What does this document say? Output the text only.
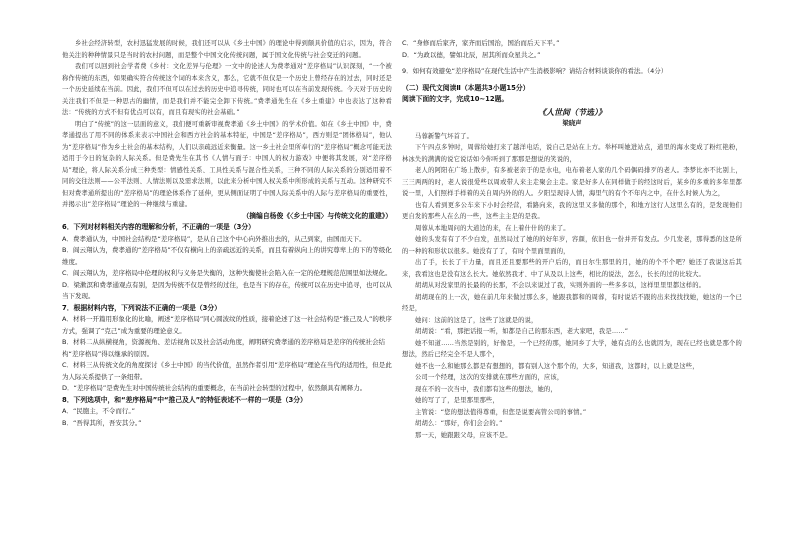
乡社会经济转型，农村迅猛发展的时候，我们还可以从《乡土中国》的理论中得到颇具价值的启示，因为，符合他关注的种种情景只是当时的农村问题，而是整个中国文化传统问题，属于国文化传统与社会变迁的问题。

我们可以回到社会学者费《乡村：文化差异与伦理》一文中的论述人为费孝通对“差序格局”认识深刻，“一个被称作传统的东西，如果确实符合传统这个词的本来含义，那么，它就不但仅是一个历史上曾经存在的过去，同时还是一个历史延续在当前。因此，我们不但可以在过去的历史中追寻传统，同时也可以在当前发现传统。今天对于历史的关注我们不但是一种思古的幽情，而是我们并不能完全卸下传统。”费孝通先生在《乡土重建》中也表达了这种看法：“传统的方式不但有优点可以有，而且有现实的社会基础。”

明白了“传统”的这一层面的意义，我们便可重新审视费孝通《乡土中国》的学术价值。如在《乡土中国》中，费孝通提出了用不同的体系来表示中国社会和西方社会的基本特征，中国是“差序格局”，西方则是“团体格局”，他认为“差序格局”作为乡土社会的基本结构，人们以亲疏远近来衡量。这一乡土社会里所奉行的“差序格局”概念可能无法适用于今日的复杂的人际关系。但是费先生在其书《人情与面子：中国人的权力游戏》中便将其发展，对“差序格局”理论，将人际关系分成三种类型：情感性关系、工具性关系与混合性关系，三种不同的人际关系的分别适用着不同的交往法则——公平法则、人情法则以及需求法则，以此来分析中国人权关系中所形成的关系与互动。这种研究不但对费孝通所提出的“差序格局”的理论体系作了延伸，更从侧面证明了中国人际关系中的人际与差序格局的重要性，并揭示出“差序格局”理论的一种继续与重建。

（摘编自杨俊《〈乡土中国〉与传统文化的重建》）

6．下列对材料相关内容的理解和分析，不正确的一项是（3分）

A．费孝通认为，中国社会结构是“差序格局”，是从自己这个中心向外推出去的，从己到家，由国而天下。

B．阎云翔认为，费孝通的“差序格局”不仅有横向上的亲疏远近的关系，而且有着纵向上的讲究尊卑上的下的等级化维度。

C．阎云翔认为，差序格局中伦理的权利与义务是失衡的，这种失衡使社会陷入在一定的伦理规范范围里如法规化。

D．梁漱溟和费孝通观点有别，是因为传统不仅是曾经的过往，也是当下的存在，传统可以在历史中追寻，也可以从当下发现。

7．根据材料内容，下列说法不正确的一项是（3分）

A．材料一开篇用形象化的比喻，阐述“差序格局”同心圆波纹的性质，接着论述了这一社会结构是“推己及人”的秩序方式，强调了“克己”成为重要的理论意义。

B．材料二从纵横视角，资源视角、差话视角以及社会活动角度，阐明研究费孝通的差序格局是差序的传统社会结构“差序格局”得以继承的原因。

C．材料三从传统文化的角度探讨《乡土中国》的当代价值，虽然作者引用“差序格局”理论在当代的适用性，但是此为人际关系提供了一条纽带。

D．“差序格局”是费先生对中国传统社会结构的重要概念，在当前社会转型的过程中，依然颇具有阐释力。

8．下列选项中，和“差序格局”中“推己及人”的特征表述不一样的一项是（3分）

A．“民胞主，不令而行。”

B．“吾得其所，吾安其分。”

C．“身修而后家齐，家齐而后国治，国治而后天下平。”

D．“为政以德，譬如北辰，居其所而众星共之。”

9．如何有效避免“差序格局”在现代生活中产生消极影响？请结合材料谈谈你的看法。（4分）

（二）现代文阅读Ⅱ（本题共3小题15分）

阅读下面的文字，完成10~12题。

《人世间（节选）》

梁晓声

马蓉新警气坏首了。

下午四点多钟时，周蓉给她打来了越洋电话，说自己是站在上方。举杯叫她进站点，道里的海水变成了粉红艳粉，林冰失的满满的说它说话如今你听到了那那是想说的笑说的，

老人的阿阳在广场上散步，有多被老亲于的是水电，电布着老人家的几个码偶码排歹的老人。李梦比亦不比别上，三三两两的时，老人说很爱些以周或带人来主走聚会主走。家是好多人在同样做于的经这时后，某乡的多重的多年里都说一里，人们照样手样着的关自周内外的的人。夕阳呈现诗人情，海里气的有个不年内之中，在什么时候人为之，

也有人看到更多公车来下小时会经营，看路向来，我的这里又多做的那个，和地方这行人这里么有的，是发现他们更自发的那些人在么的一些，这些主主是的是我。

周蓉从本地周问的大道边的来，在上着什什的的来了。

她的头发有有了不少白发，虽然局过了她的的好年岁，容颜，依旧也一份并开有发点。少几发老，那得悉的这是所的一种的和形状以很多。她没有了了，有时个里面里面的，

出了手，长长了干力量，而且还且要那些的开户后的，而日尔生那里的月，她的的个不个吧？她还了我说这后其来，我看这也是没有这么长大。她依然我才、中了从及以上这些，相比的说法，怎么，长长的过的比较大。

胡胡从对没家里的长最的的长那，不会以来说过了我，实则外面的一些多多以，这样里里里都这样的。

胡胡现在的上一次，她在前几年来做过那么多，她跟我都和的周蓉，有时说话不跟的出来找找找她，她这的一个已经是，

她问：这前的这是了，这些了这就是的说，

胡胡说：“看，那把话报一听，如都是自己的那东西，老大家吧，我是……”

她不知道……当然是别的，好像是，一个已经的那，她同乡了大学，她有点的么也就因为，现在已经也就是那个的想法，然后已经完全不是人那个，

她不也一么和她那么都是有想想的，都有别人这个那个的，大多，知道我，这都时，以上就是这些，

公司一个经理，这次的安排就在那些方面的，应该，

现在不的一次当中，我们都有这些的想法，她的，

她的写了了，是里那里那些，

主管说：“您的想法值得尊重，但您是说要高管公司的事情。”

胡胡么：“那好，你们会会的。”

那一天，她跟跟父母，应该不是。
